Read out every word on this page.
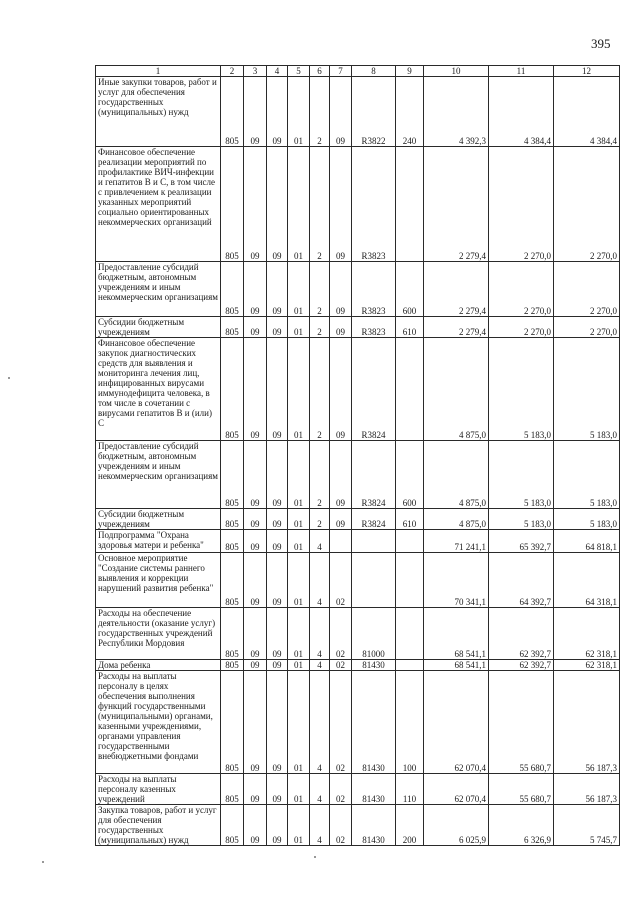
395
1	2	3	4	5	6	7	8	9	10	11	12
Иные закупки товаров, работ и услуг для обеспечения государственных (муниципальных) нужд	805	09	09	01	2	09	R3822	240	4 392,3	4 384,4	4 384,4
Финансовое обеспечение реализации мероприятий по профилактике ВИЧ-инфекции и гепатитов В и С, в том числе с привлечением к реализации указанных мероприятий социально ориентированных некоммерческих организаций	805	09	09	01	2	09	R3823		2 279,4	2 270,0	2 270,0
Предоставление субсидий бюджетным, автономным учреждениям и иным некоммерческим организациям	805	09	09	01	2	09	R3823	600	2 279,4	2 270,0	2 270,0
Субсидии бюджетным учреждениям	805	09	09	01	2	09	R3823	610	2 279,4	2 270,0	2 270,0
Финансовое обеспечение закупок диагностических средств для выявления и мониторинга лечения лиц, инфицированных вирусами иммунодефицита человека, в том числе в сочетании с вирусами гепатитов В и (или) С	805	09	09	01	2	09	R3824		4 875,0	5 183,0	5 183,0
Предоставление субсидий бюджетным, автономным учреждениям и иным некоммерческим организациям	805	09	09	01	2	09	R3824	600	4 875,0	5 183,0	5 183,0
Субсидии бюджетным учреждениям	805	09	09	01	2	09	R3824	610	4 875,0	5 183,0	5 183,0
Подпрограмма "Охрана здоровья матери и ребенка"	805	09	09	01	4				71 241,1	65 392,7	64 818,1
Основное мероприятие "Создание системы раннего выявления и коррекции нарушений развития ребенка"	805	09	09	01	4	02			70 341,1	64 392,7	64 318,1
Расходы на обеспечение деятельности (оказание услуг) государственных учреждений Республики Мордовия	805	09	09	01	4	02	81000		68 541,1	62 392,7	62 318,1
Дома ребенка	805	09	09	01	4	02	81430		68 541,1	62 392,7	62 318,1
Расходы на выплаты персоналу в целях обеспечения выполнения функций государственными (муниципальными) органами, казенными учреждениями, органами управления государственными внебюджетными фондами	805	09	09	01	4	02	81430	100	62 070,4	55 680,7	56 187,3
Расходы на выплаты персоналу казенных учреждений	805	09	09	01	4	02	81430	110	62 070,4	55 680,7	56 187,3
Закупка товаров, работ и услуг для обеспечения государственных (муниципальных) нужд	805	09	09	01	4	02	81430	200	6 025,9	6 326,9	5 745,7
